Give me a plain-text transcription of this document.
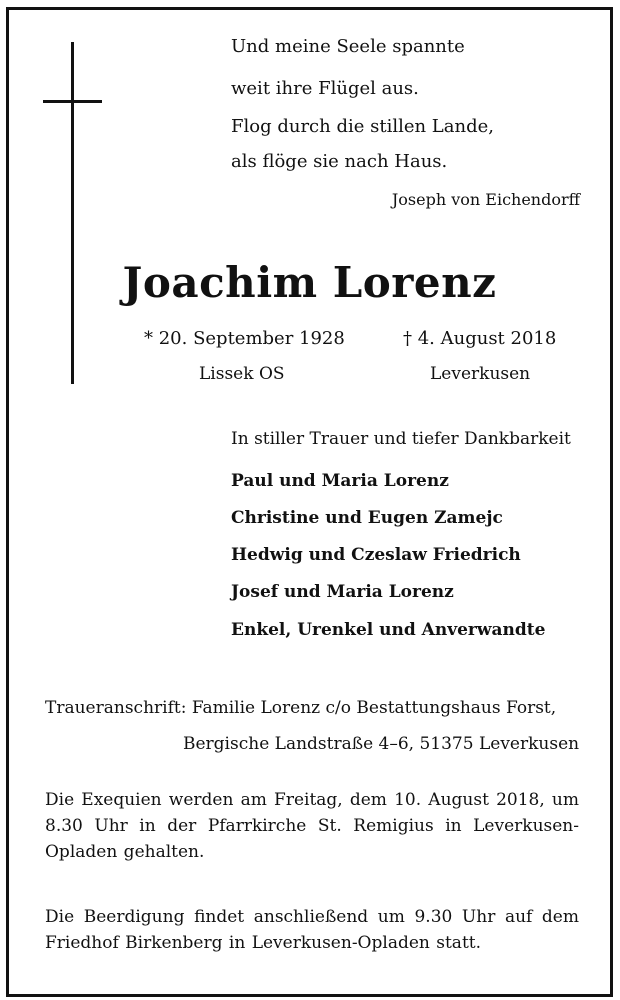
Und meine Seele spannte
weit ihre Flügel aus.
Flog durch die stillen Lande,
als flöge sie nach Haus.
Joseph von Eichendorff
Joachim Lorenz
* 20. September 1928	† 4. August 2018
Lissek OS	Leverkusen
In stiller Trauer und tiefer Dankbarkeit
Paul und Maria Lorenz
Christine und Eugen Zamejc
Hedwig und Czeslaw Friedrich
Josef und Maria Lorenz
Enkel, Urenkel und Anverwandte
Traueranschrift: Familie Lorenz c/o Bestattungshaus Forst,
Bergische Landstraße 4–6, 51375 Leverkusen
Die Exequien werden am Freitag, dem 10. August 2018, um 8.30 Uhr in der Pfarrkirche St. Remigius in Leverkusen-Opladen gehalten.
Die Beerdigung findet anschließend um 9.30 Uhr auf dem Friedhof Birkenberg in Leverkusen-Opladen statt.
